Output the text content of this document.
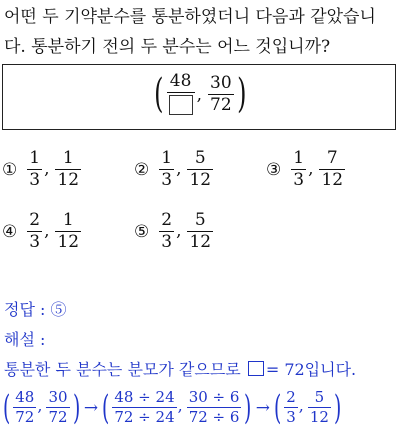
어떤 두 기약분수를 통분하였더니 다음과 같았습니
다. 통분하기 전의 두 분수는 어느 것입니까?
( 48
, $\frac{30}{72}$ )
① $\frac{1}{3}$ , $\frac{1}{12}$	② $\frac{1}{3}$ , $\frac{5}{12}$	③ $\frac{1}{3}$ , $\frac{7}{12}$
④ $\frac{2}{3}$ , $\frac{1}{12}$	⑤ $\frac{2}{3}$ , $\frac{5}{12}$
정답 : ⑤
해설 :
통분한 두 분수는 분모가 같으므로 = 72입니다.
( $\frac{48}{72}$ , $\frac{30}{72}$ ) → ( $\frac{48 \div 24}{72 \div 24}$ , $\frac{30 \div 6}{72 \div 6}$ ) → ( $\frac{2}{3}$ , $\frac{5}{12}$ )
